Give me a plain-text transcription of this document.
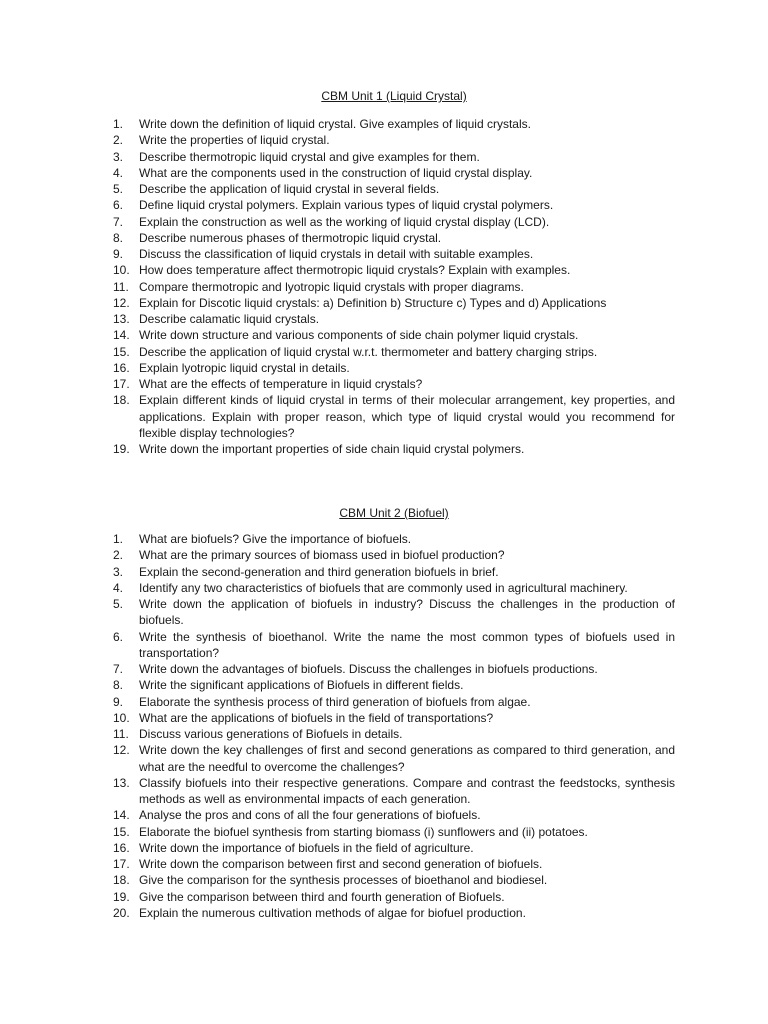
CBM Unit 1 (Liquid Crystal)
1.	Write down the definition of liquid crystal. Give examples of liquid crystals.
2.	Write the properties of liquid crystal.
3.	Describe thermotropic liquid crystal and give examples for them.
4.	What are the components used in the construction of liquid crystal display.
5.	Describe the application of liquid crystal in several fields.
6.	Define liquid crystal polymers. Explain various types of liquid crystal polymers.
7.	Explain the construction as well as the working of liquid crystal display (LCD).
8.	Describe numerous phases of thermotropic liquid crystal.
9.	Discuss the classification of liquid crystals in detail with suitable examples.
10. How does temperature affect thermotropic liquid crystals? Explain with examples.
11. Compare thermotropic and lyotropic liquid crystals with proper diagrams.
12. Explain for Discotic liquid crystals: a) Definition b) Structure c) Types and d) Applications
13. Describe calamatic liquid crystals.
14. Write down structure and various components of side chain polymer liquid crystals.
15. Describe the application of liquid crystal w.r.t. thermometer and battery charging strips.
16. Explain lyotropic liquid crystal in details.
17. What are the effects of temperature in liquid crystals?
18. Explain different kinds of liquid crystal in terms of their molecular arrangement, key properties, and applications. Explain with proper reason, which type of liquid crystal would you recommend for flexible display technologies?
19. Write down the important properties of side chain liquid crystal polymers.
CBM Unit 2 (Biofuel)
1.	What are biofuels? Give the importance of biofuels.
2.	What are the primary sources of biomass used in biofuel production?
3.	Explain the second-generation and third generation biofuels in brief.
4.	Identify any two characteristics of biofuels that are commonly used in agricultural machinery.
5.	Write down the application of biofuels in industry? Discuss the challenges in the production of biofuels.
6.	Write the synthesis of bioethanol. Write the name the most common types of biofuels used in transportation?
7.	Write down the advantages of biofuels. Discuss the challenges in biofuels productions.
8.	Write the significant applications of Biofuels in different fields.
9.	Elaborate the synthesis process of third generation of biofuels from algae.
10. What are the applications of biofuels in the field of transportations?
11. Discuss various generations of Biofuels in details.
12. Write down the key challenges of first and second generations as compared to third generation, and what are the needful to overcome the challenges?
13. Classify biofuels into their respective generations. Compare and contrast the feedstocks, synthesis methods as well as environmental impacts of each generation.
14. Analyse the pros and cons of all the four generations of biofuels.
15. Elaborate the biofuel synthesis from starting biomass (i) sunflowers and (ii) potatoes.
16. Write down the importance of biofuels in the field of agriculture.
17. Write down the comparison between first and second generation of biofuels.
18. Give the comparison for the synthesis processes of bioethanol and biodiesel.
19. Give the comparison between third and fourth generation of Biofuels.
20. Explain the numerous cultivation methods of algae for biofuel production.
